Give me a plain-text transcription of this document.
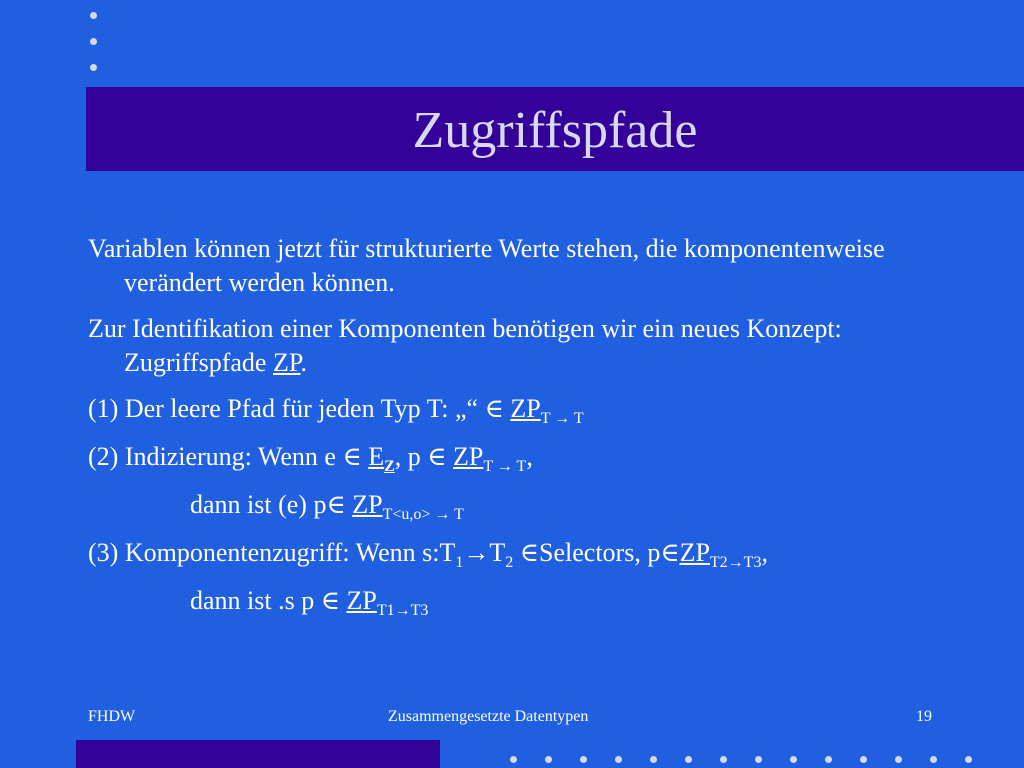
Zugriffspfade
Variablen können jetzt für strukturierte Werte stehen, die komponentenweise verändert werden können.
Zur Identifikation einer Komponenten benötigen wir ein neues Konzept: Zugriffspfade ZP.
(1) Der leere Pfad für jeden Typ T: „“ ∈ $ZP_{T \to T}$
(2) Indizierung: Wenn e ∈ $E_Z$, p ∈ $ZP_{T \to T}$,
dann ist (e) p∈ $ZP_{T<u,o> \to T}$
(3) Komponentenzugriff: Wenn $s:T_1\to T_2$ ∈Selectors, $p\in ZP_{T2\to T3}$,
dann ist .s p ∈ $ZP_{T1\to T3}$
FHDW	Zusammengesetzte Datentypen	19
